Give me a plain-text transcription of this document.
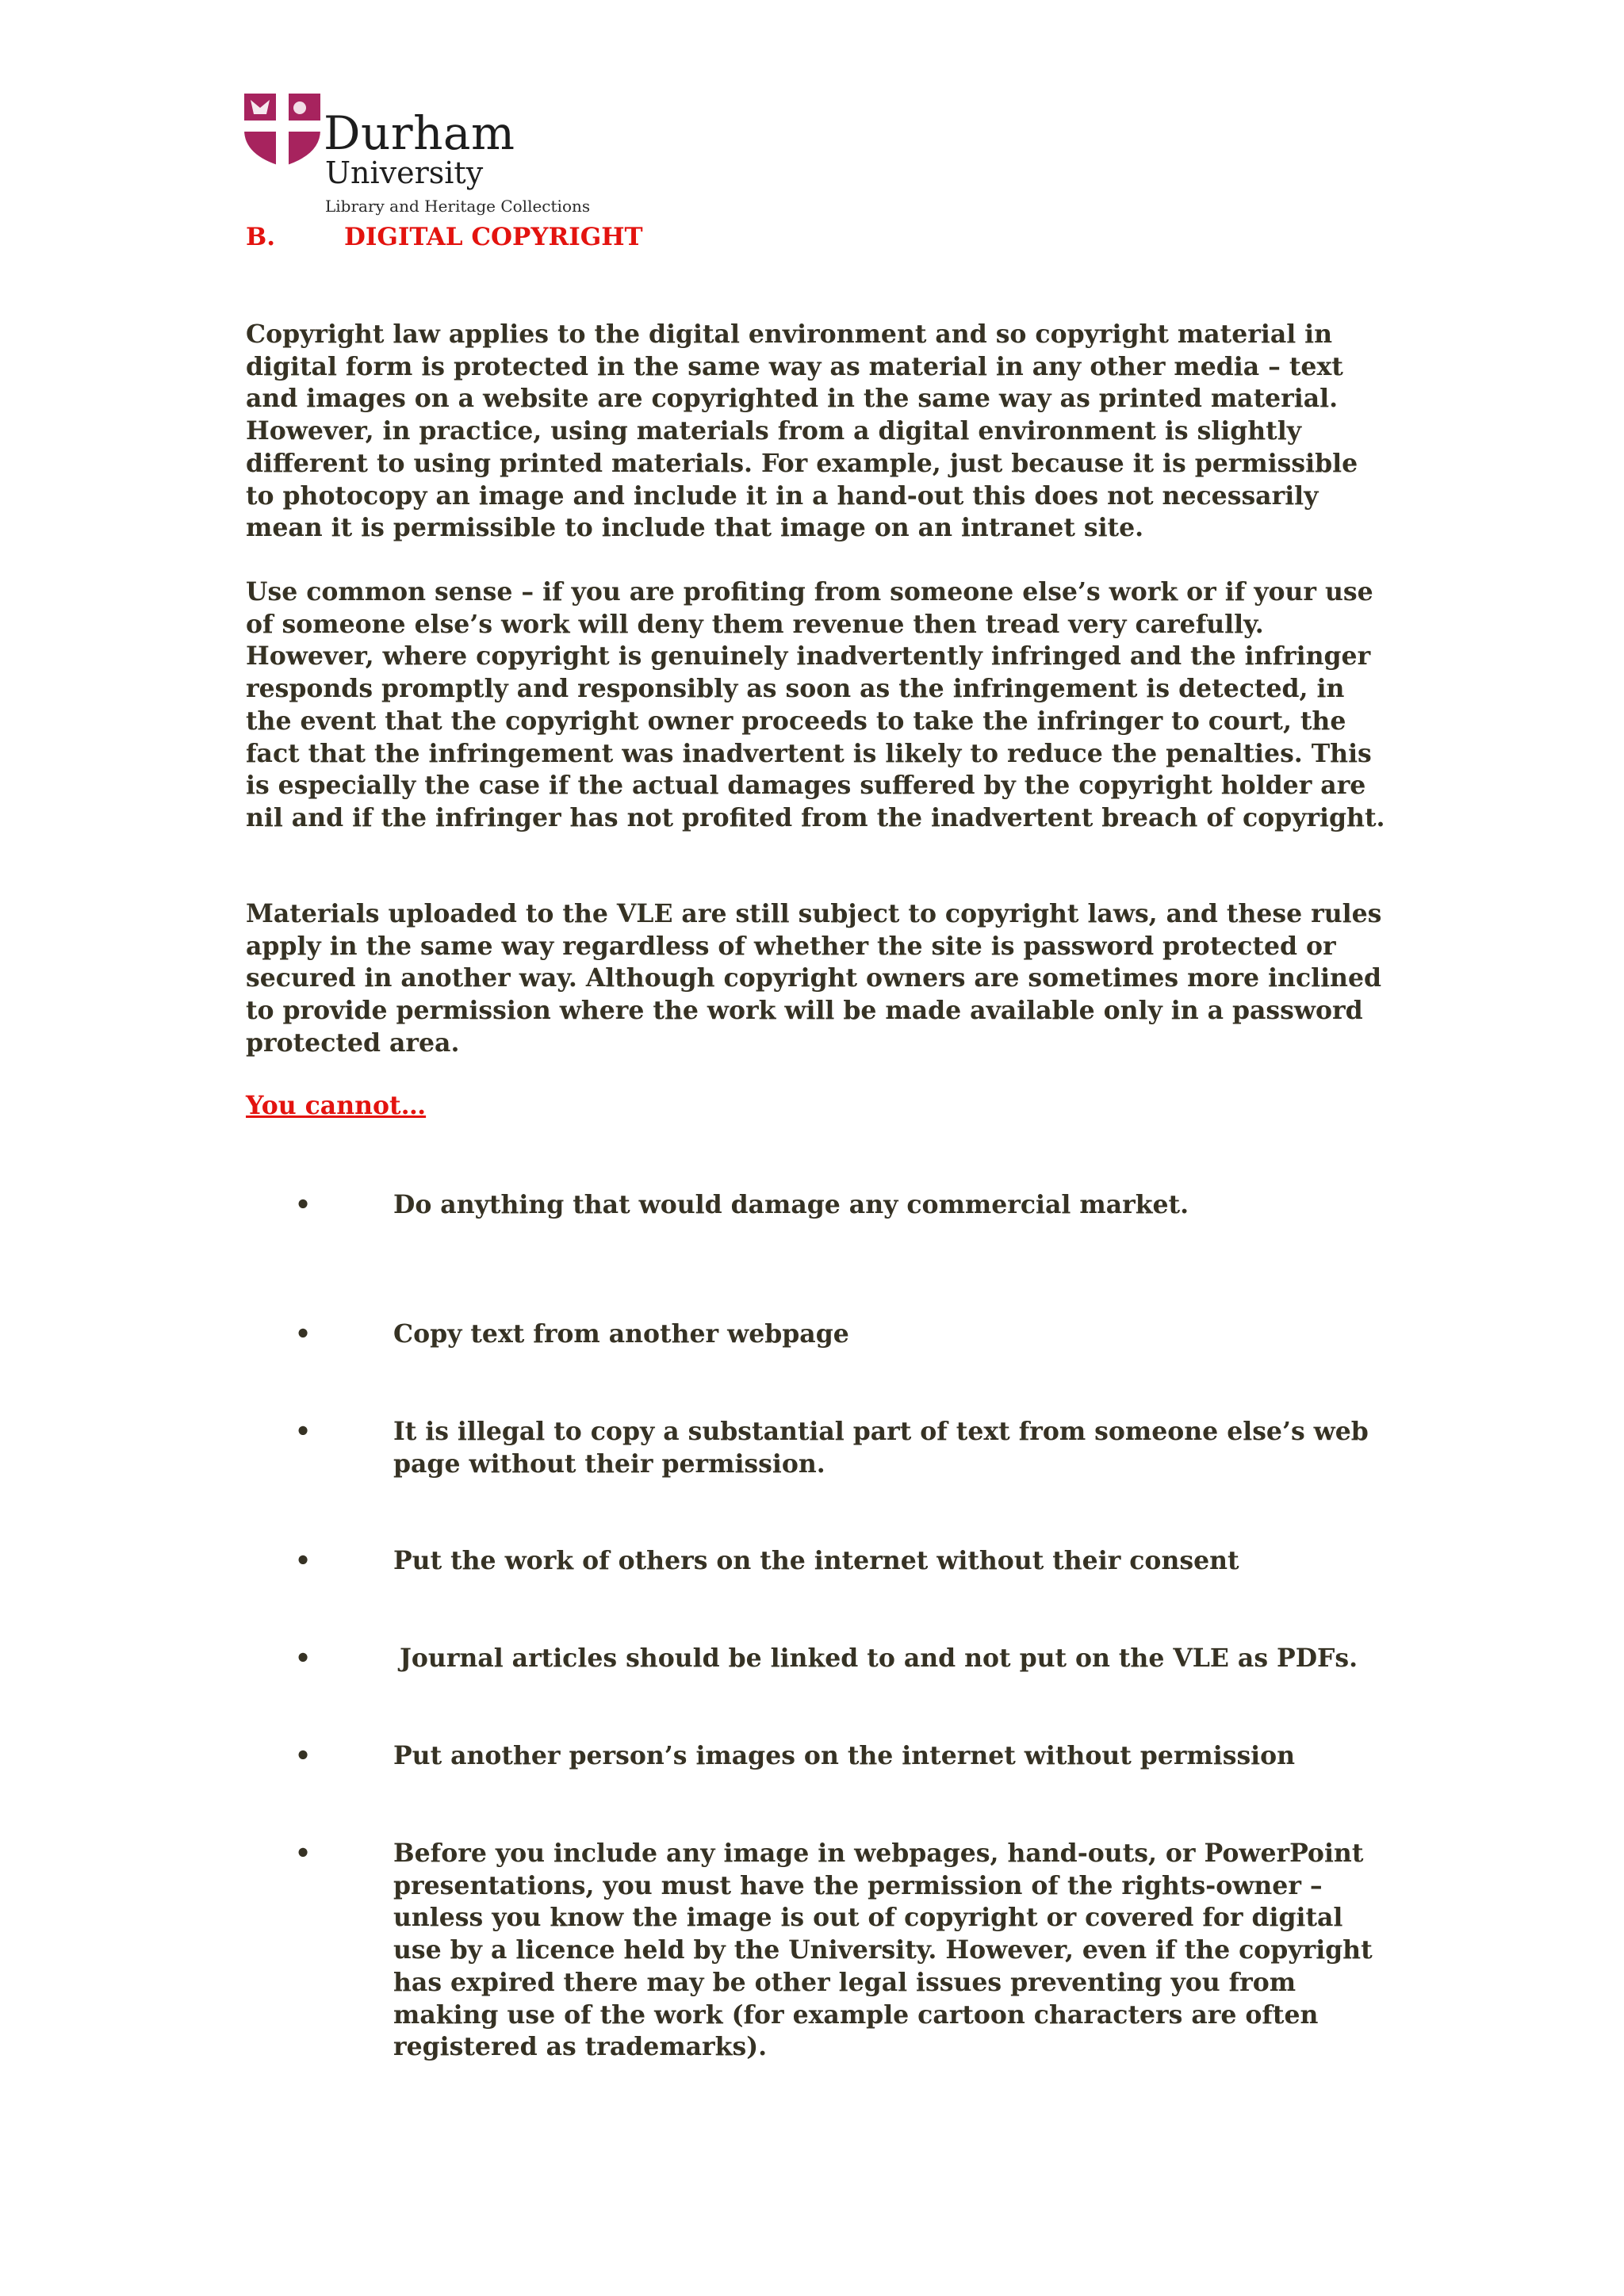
Durham
University
Library and Heritage Collections
B.	DIGITAL COPYRIGHT
Copyright law applies to the digital environment and so copyright material in digital form is protected in the same way as material in any other media – text and images on a website are copyrighted in the same way as printed material. However, in practice, using materials from a digital environment is slightly different to using printed materials. For example, just because it is permissible to photocopy an image and include it in a hand-out this does not necessarily mean it is permissible to include that image on an intranet site.
Use common sense – if you are profiting from someone else’s work or if your use of someone else’s work will deny them revenue then tread very carefully. However, where copyright is genuinely inadvertently infringed and the infringer responds promptly and responsibly as soon as the infringement is detected, in the event that the copyright owner proceeds to take the infringer to court, the fact that the infringement was inadvertent is likely to reduce the penalties. This is especially the case if the actual damages suffered by the copyright holder are nil and if the infringer has not profited from the inadvertent breach of copyright.
Materials uploaded to the VLE are still subject to copyright laws, and these rules apply in the same way regardless of whether the site is password protected or secured in another way. Although copyright owners are sometimes more inclined to provide permission where the work will be made available only in a password protected area.
You cannot…
•	Do anything that would damage any commercial market.
•	Copy text from another webpage
•	It is illegal to copy a substantial part of text from someone else’s web page without their permission.
•	Put the work of others on the internet without their consent
•	Journal articles should be linked to and not put on the VLE as PDFs.
•	Put another person’s images on the internet without permission
•	Before you include any image in webpages, hand-outs, or PowerPoint presentations, you must have the permission of the rights-owner – unless you know the image is out of copyright or covered for digital use by a licence held by the University. However, even if the copyright has expired there may be other legal issues preventing you from making use of the work (for example cartoon characters are often registered as trademarks).
